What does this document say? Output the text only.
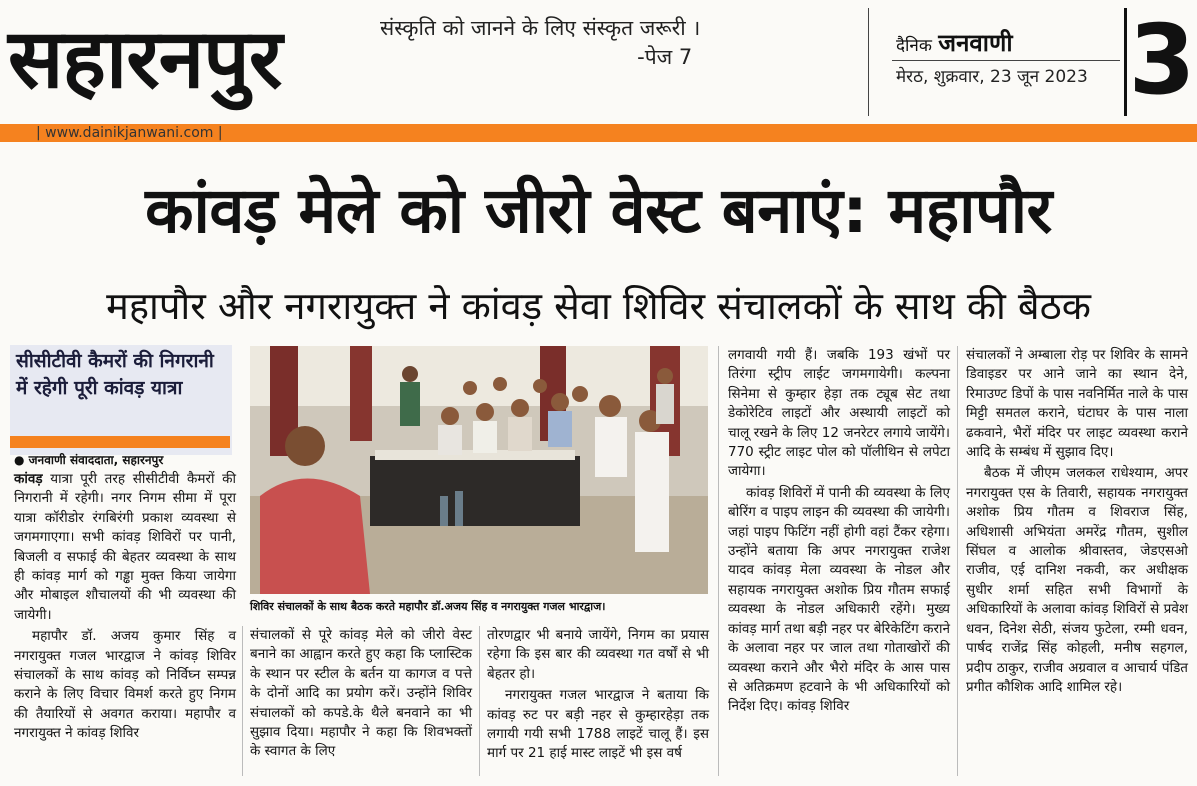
सहारनपुर	संस्कृति को जानने के लिए संस्कृत जरूरी ।
-पेज 7	दैनिक जनवाणी
मेरठ, शुक्रवार, 23 जून 2023 3
| www.dainikjanwani.com |
कांवड़ मेले को जीरो वेस्ट बनाएं: महापौर
महापौर और नगरायुक्त ने कांवड़ सेवा शिविर संचालकों के साथ की बैठक
सीसीटीवी कैमरों की निगरानी में रहेगी पूरी कांवड़ यात्रा
● जनवाणी संवाददाता, सहारनपुर
शिविर संचालकों के साथ बैठक करते महापौर डॉ.अजय सिंह व नगरायुक्त गजल भारद्वाज।

कांवड़ यात्रा पूरी तरह सीसीटीवी कैमरों की निगरानी में रहेगी। नगर निगम सीमा में पूरा यात्रा कॉरीडोर रंगबिरंगी प्रकाश व्यवस्था से जगमगाएगा। सभी कांवड़ शिविरों पर पानी, बिजली व सफाई की बेहतर व्यवस्था के साथ ही कांवड़ मार्ग को गड्ढा मुक्त किया जायेगा और मोबाइल शौचालयों की भी व्यवस्था की जायेगी।

महापौर डॉ. अजय कुमार सिंह व नगरायुक्त गजल भारद्वाज ने कांवड़ शिविर संचालकों के साथ कांवड़ को निर्विघ्न सम्पन्न कराने के लिए विचार विमर्श करते हुए निगम की तैयारियों से अवगत कराया। महापौर व नगरायुक्त ने कांवड़ शिविर

संचालकों से पूरे कांवड़ मेले को जीरो वेस्ट बनाने का आह्वान करते हुए कहा कि प्लास्टिक के स्थान पर स्टील के बर्तन या कागज व पत्ते के दोनों आदि का प्रयोग करें। उन्होंने शिविर संचालकों को कपडे.के थैले बनवाने का भी सुझाव दिया। महापौर ने कहा कि शिवभक्तों के स्वागत के लिए

तोरणद्वार भी बनाये जायेंगे, निगम का प्रयास रहेगा कि इस बार की व्यवस्था गत वर्षों से भी बेहतर हो।

नगरायुक्त गजल भारद्वाज ने बताया कि कांवड़ रुट पर बड़ी नहर से कुम्हारहेड़ा तक लगायी गयी सभी 1788 लाइटें चालू हैं। इस मार्ग पर 21 हाई मास्ट लाइटें भी इस वर्ष

लगवायी गयी हैं। जबकि 193 खंभों पर तिरंगा स्ट्रीप लाईट जगमगायेगी। कल्पना सिनेमा से कुम्हार हेड़ा तक ट्यूब सेट तथा डेकोरेटिव लाइटों और अस्थायी लाइटों को चालू रखने के लिए 12 जनरेटर लगाये जायेंगे। 770 स्ट्रीट लाइट पोल को पॉलीथिन से लपेटा जायेगा।

कांवड़ शिविरों में पानी की व्यवस्था के लिए बोरिंग व पाइप लाइन की व्यवस्था की जायेगी। जहां पाइप फिटिंग नहीं होगी वहां टैंकर रहेगा। उन्होंने बताया कि अपर नगरायुक्त राजेश यादव कांवड़ मेला व्यवस्था के नोडल और सहायक नगरायुक्त अशोक प्रिय गौतम सफाई व्यवस्था के नोडल अधिकारी रहेंगे। मुख्य कांवड़ मार्ग तथा बड़ी नहर पर बेरिकेटिंग कराने के अलावा नहर पर जाल तथा गोताखोरों की व्यवस्था कराने और भैरो मंदिर के आस पास से अतिक्रमण हटवाने के भी अधिकारियों को निर्देश दिए। कांवड़ शिविर

संचालकों ने अम्बाला रोड़ पर शिविर के सामने डिवाइडर पर आने जाने का स्थान देने, रिमाउण्ट डिपों के पास नवनिर्मित नाले के पास मिट्टी समतल कराने, घंटाघर के पास नाला ढकवाने, भैरों मंदिर पर लाइट व्यवस्था कराने आदि के सम्बंध में सुझाव दिए।

बैठक में जीएम जलकल राधेश्याम, अपर नगरायुक्त एस के तिवारी, सहायक नगरायुक्त अशोक प्रिय गौतम व शिवराज सिंह, अधिशासी अभियंता अमरेंद्र गौतम, सुशील सिंघल व आलोक श्रीवास्तव, जेडएसओ राजीव, एई दानिश नकवी, कर अधीक्षक सुधीर शर्मा सहित सभी विभागों के अधिकारियों के अलावा कांवड़ शिविरों से प्रवेश धवन, दिनेश सेठी, संजय फुटेला, रम्मी धवन, पार्षद राजेंद्र सिंह कोहली, मनीष सहगल, प्रदीप ठाकुर, राजीव अग्रवाल व आचार्य पंडित प्रगीत कौशिक आदि शामिल रहे।
